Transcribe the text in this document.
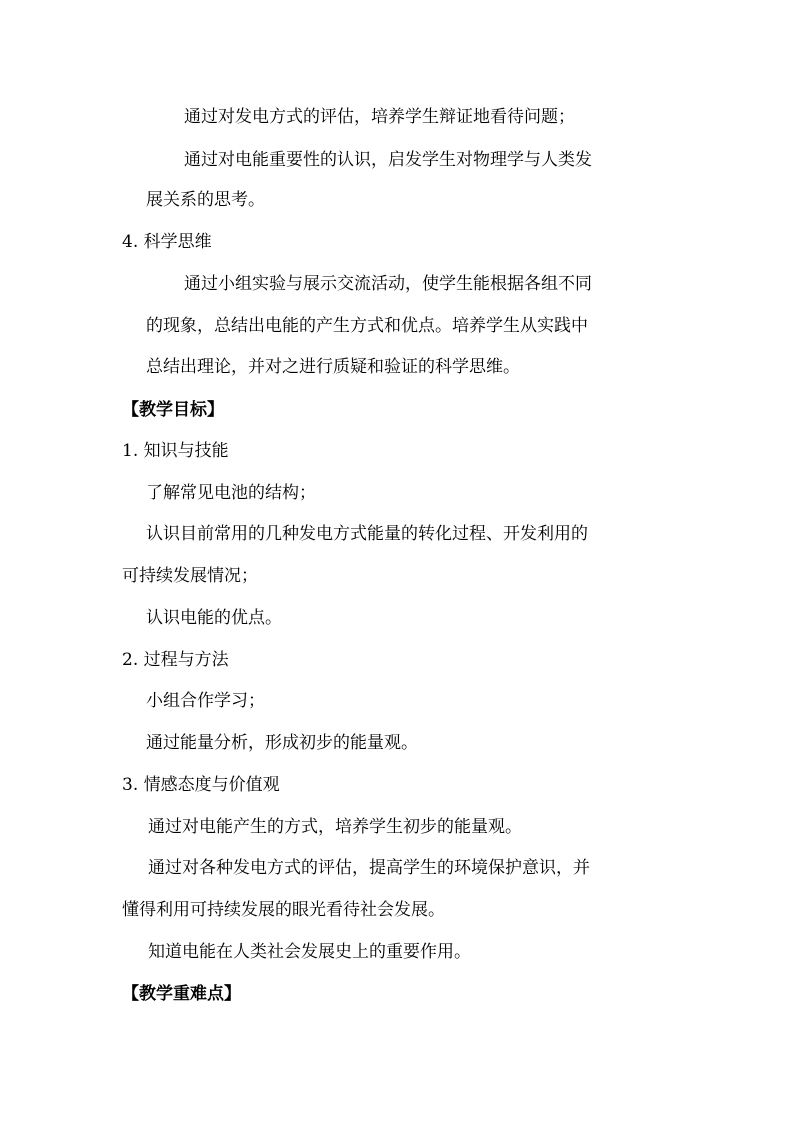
通过对发电方式的评估，培养学生辩证地看待问题；

通过对电能重要性的认识，启发学生对物理学与人类发

展关系的思考。

4. 科学思维

通过小组实验与展示交流活动，使学生能根据各组不同

的现象，总结出电能的产生方式和优点。培养学生从实践中

总结出理论，并对之进行质疑和验证的科学思维。

【教学目标】

1. 知识与技能

了解常见电池的结构；

认识目前常用的几种发电方式能量的转化过程、开发利用的

可持续发展情况；

认识电能的优点。

2. 过程与方法

小组合作学习；

通过能量分析，形成初步的能量观。

3. 情感态度与价值观

通过对电能产生的方式，培养学生初步的能量观。

通过对各种发电方式的评估，提高学生的环境保护意识，并

懂得利用可持续发展的眼光看待社会发展。

知道电能在人类社会发展史上的重要作用。

【教学重难点】
